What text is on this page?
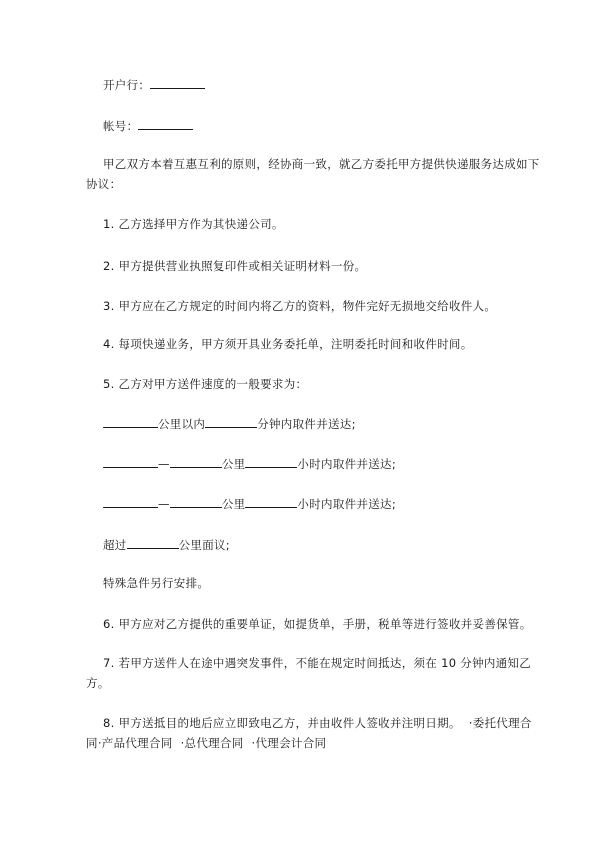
开户行：
帐号：
甲乙双方本着互惠互利的原则，经协商一致，就乙方委托甲方提供快递服务达成如下协议：
1. 乙方选择甲方作为其快递公司。
2. 甲方提供营业执照复印件或相关证明材料一份。
3. 甲方应在乙方规定的时间内将乙方的资料，物件完好无损地交给收件人。
4. 每项快递业务，甲方须开具业务委托单，注明委托时间和收件时间。
5. 乙方对甲方送件速度的一般要求为：
公里以内	分钟内取件并送达;
—	公里	小时内取件并送达;
—	公里	小时内取件并送达;
超过	公里面议;
特殊急件另行安排。
6. 甲方应对乙方提供的重要单证，如提货单，手册，税单等进行签收并妥善保管。
7. 若甲方送件人在途中遇突发事件，不能在规定时间抵达，须在 10 分钟内通知乙方。
8. 甲方送抵目的地后应立即致电乙方，并由收件人签收并注明日期。 ·委托代理合同·产品代理合同 ·总代理合同 ·代理会计合同
